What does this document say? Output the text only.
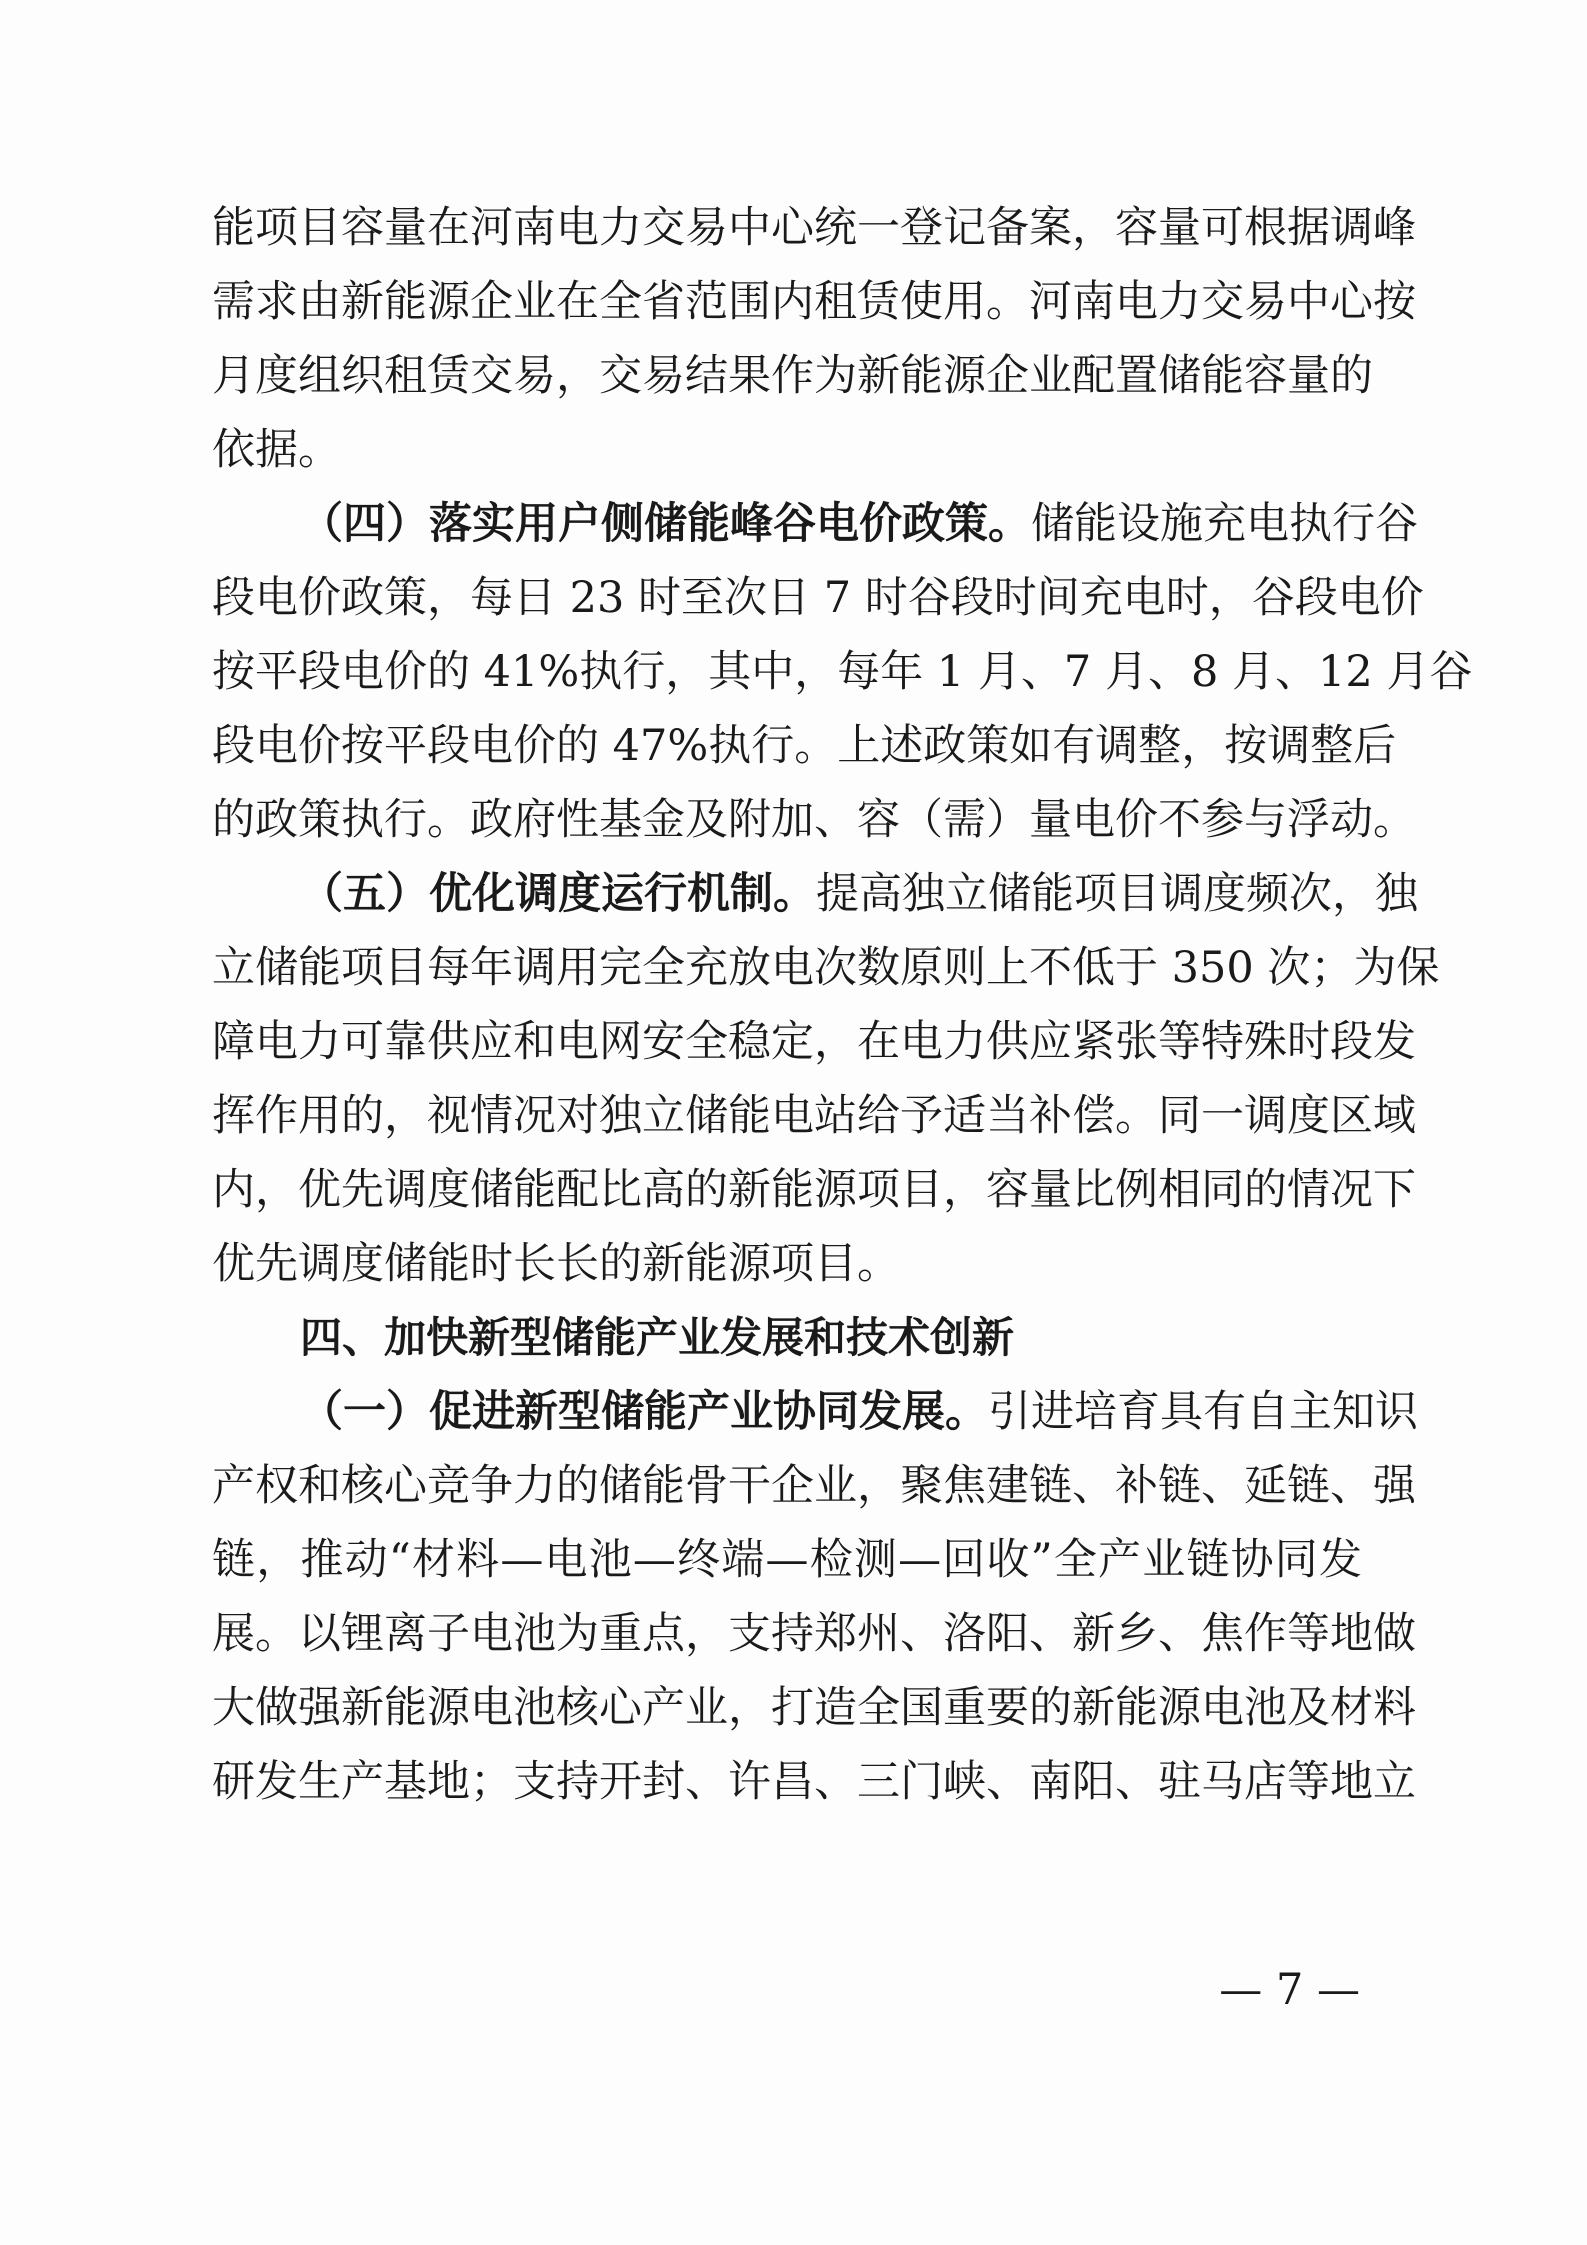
能项目容量在河南电力交易中心统一登记备案，容量可根据调峰
需求由新能源企业在全省范围内租赁使用。河南电力交易中心按
月度组织租赁交易，交易结果作为新能源企业配置储能容量的
依据。
（四）落实用户侧储能峰谷电价政策。储能设施充电执行谷
段电价政策，每日 23 时至次日 7 时谷段时间充电时，谷段电价
按平段电价的 41%执行，其中，每年 1 月、7 月、8 月、12 月谷
段电价按平段电价的 47%执行。上述政策如有调整，按调整后
的政策执行。政府性基金及附加、容（需）量电价不参与浮动。
（五）优化调度运行机制。提高独立储能项目调度频次，独
立储能项目每年调用完全充放电次数原则上不低于 350 次；为保
障电力可靠供应和电网安全稳定，在电力供应紧张等特殊时段发
挥作用的，视情况对独立储能电站给予适当补偿。同一调度区域
内，优先调度储能配比高的新能源项目，容量比例相同的情况下
优先调度储能时长长的新能源项目。
四、加快新型储能产业发展和技术创新
（一）促进新型储能产业协同发展。引进培育具有自主知识
产权和核心竞争力的储能骨干企业，聚焦建链、补链、延链、强
链，推动“材料—电池—终端—检测—回收”全产业链协同发
展。以锂离子电池为重点，支持郑州、洛阳、新乡、焦作等地做
大做强新能源电池核心产业，打造全国重要的新能源电池及材料
研发生产基地；支持开封、许昌、三门峡、南阳、驻马店等地立
— 7 —
